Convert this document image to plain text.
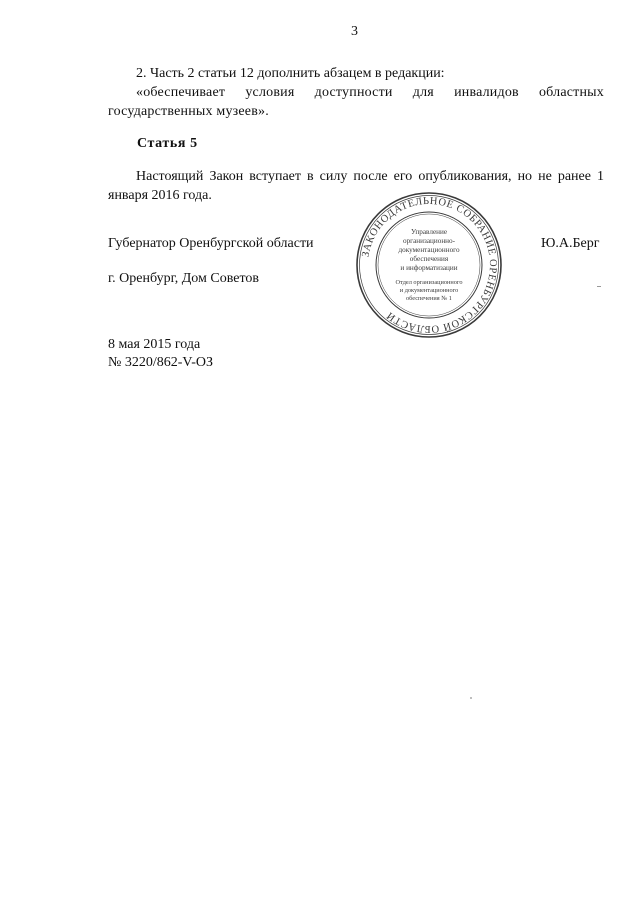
3
2. Часть 2 статьи 12 дополнить абзацем в редакции:
«обеспечивает условия доступности для инвалидов областных государственных музеев».
Статья 5
Настоящий Закон вступает в силу после его опубликования, но не ранее 1 января 2016 года.
Губернатор Оренбургской области	Ю.А.Берг
г. Оренбург, Дом Советов
ЗАКОНОДАТЕЛЬНОЕ СОБРАНИЕ ОРЕНБУРГСКОЙ ОБЛАСТИ
Управление
организационно-
документационного
обеспечения
и информатизации
Отдел организационного
и документационного
обеспечения № 1
8 мая 2015 года
№ 3220/862-V-ОЗ
